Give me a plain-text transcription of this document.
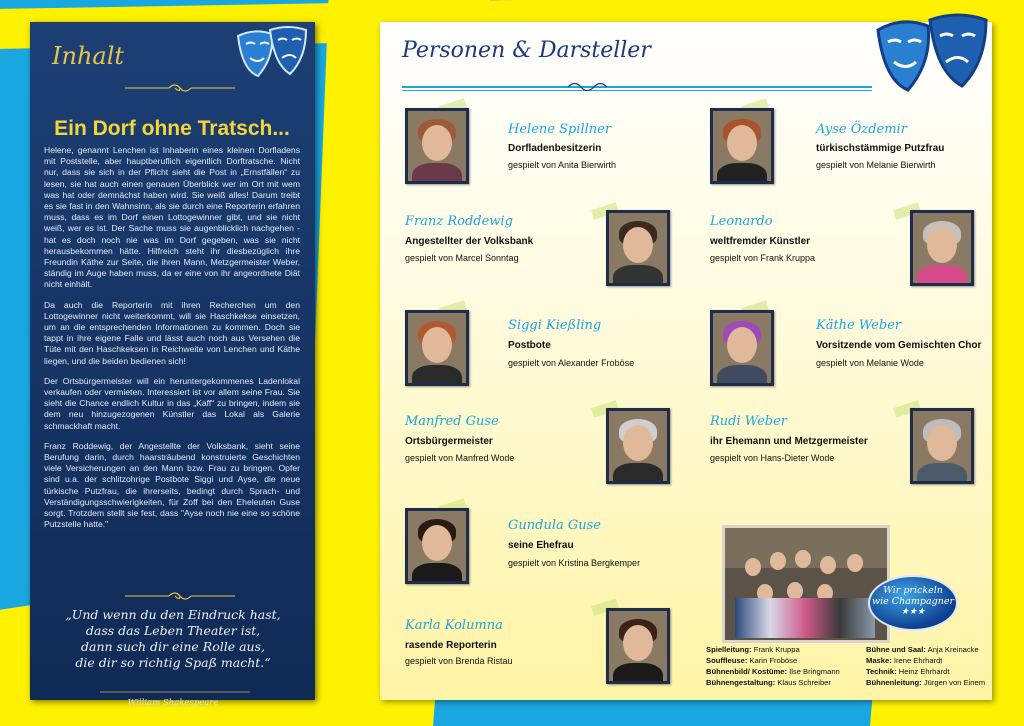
Inhalt
Ein Dorf ohne Tratsch...

Helene, genannt Lenchen ist Inhaberin eines kleinen Dorfladens mit Poststelle, aber hauptberuflich eigentlich Dorftratsche. Nicht nur, dass sie sich in der Pflicht sieht die Post in „Ernstfällen“ zu lesen, sie hat auch einen genauen Überblick wer im Ort mit wem was hat oder demnächst haben wird. Sie weiß alles! Darum treibt es sie fast in den Wahnsinn, als sie durch eine Reporterin erfahren muss, dass es im Dorf einen Lottogewinner gibt, und sie nicht weiß, wer es ist. Der Sache muss sie augenblicklich nachgehen - hat es doch noch nie was im Dorf gegeben, was sie nicht herausbekommen hätte. Hilfreich steht ihr diesbezüglich ihre Freundin Käthe zur Seite, die ihren Mann, Metzgermeister Weber, ständig im Auge haben muss, da er eine von ihr angeordnete Diät nicht einhält.

Da auch die Reporterin mit ihren Recherchen um den Lottogewinner nicht weiterkommt, will sie Haschkekse einsetzen, um an die entsprechenden Informationen zu kommen. Doch sie tappt in ihre eigene Falle und lässt auch noch aus Versehen die Tüte mit den Haschkeksen in Reichweite von Lenchen und Käthe liegen, und die beiden bedienen sich!

Der Ortsbürgermeister will ein heruntergekommenes Ladenlokal verkaufen oder vermieten. Interessiert ist vor allem seine Frau. Sie sieht die Chance endlich Kultur in das „Kaff“ zu bringen, indem sie dem neu hinzugezogenen Künstler das Lokal als Galerie schmackhaft macht.

Franz Roddewig, der Angestellte der Volksbank, sieht seine Berufung darin, durch haarsträubend konstruierte Geschichten viele Versicherungen an den Mann bzw. Frau zu bringen. Opfer sind u.a. der schlitzohrige Postbote Siggi und Ayse, die neue türkische Putzfrau, die ihrerseits, bedingt durch Sprach- und Verständigungsschwierigkeiten, für Zoff bei den Eheleuten Guse sorgt. Trotzdem stellt sie fest, dass "Ayse noch nie eine so schöne Putzstelle hatte."

„Und wenn du den Eindruck hast,
dass das Leben Theater ist,
dann such dir eine Rolle aus,
die dir so richtig Spaß macht.“
William Shakespeare
Personen & Darsteller
Helene Spillner
Dorfladenbesitzerin
gespielt von Anita Bierwirth
Ayse Özdemir
türkischstämmige Putzfrau
gespielt von Melanie Bierwirth
Franz Roddewig
Angestellter der Volksbank
gespielt von Marcel Sonntag
Leonardo
weltfremder Künstler
gespielt von Frank Kruppa
Siggi Kießling
Postbote
gespielt von Alexander Froböse
Käthe Weber
Vorsitzende vom Gemischten Chor
gespielt von Melanie Wode
Manfred Guse
Ortsbürgermeister
gespielt von Manfred Wode
Rudi Weber
ihr Ehemann und Metzgermeister
gespielt von Hans-Dieter Wode
Gundula Guse
seine Ehefrau
gespielt von Kristina Bergkemper
Karla Kolumna
rasende Reporterin
gespielt von Brenda Ristau
Wir prickeln
wie Champagner
★★★
Spielleitung: Frank Kruppa
Souffleuse: Karin Froböse
Bühnenbild/ Kostüme: Ilse Bringmann
Bühnengestaltung: Klaus Schreiber
Bühne und Saal: Anja Kreinacke
Maske: Irene Ehrhardt
Technik: Heinz Ehrhardt
Bühnenleitung: Jürgen von Einem
